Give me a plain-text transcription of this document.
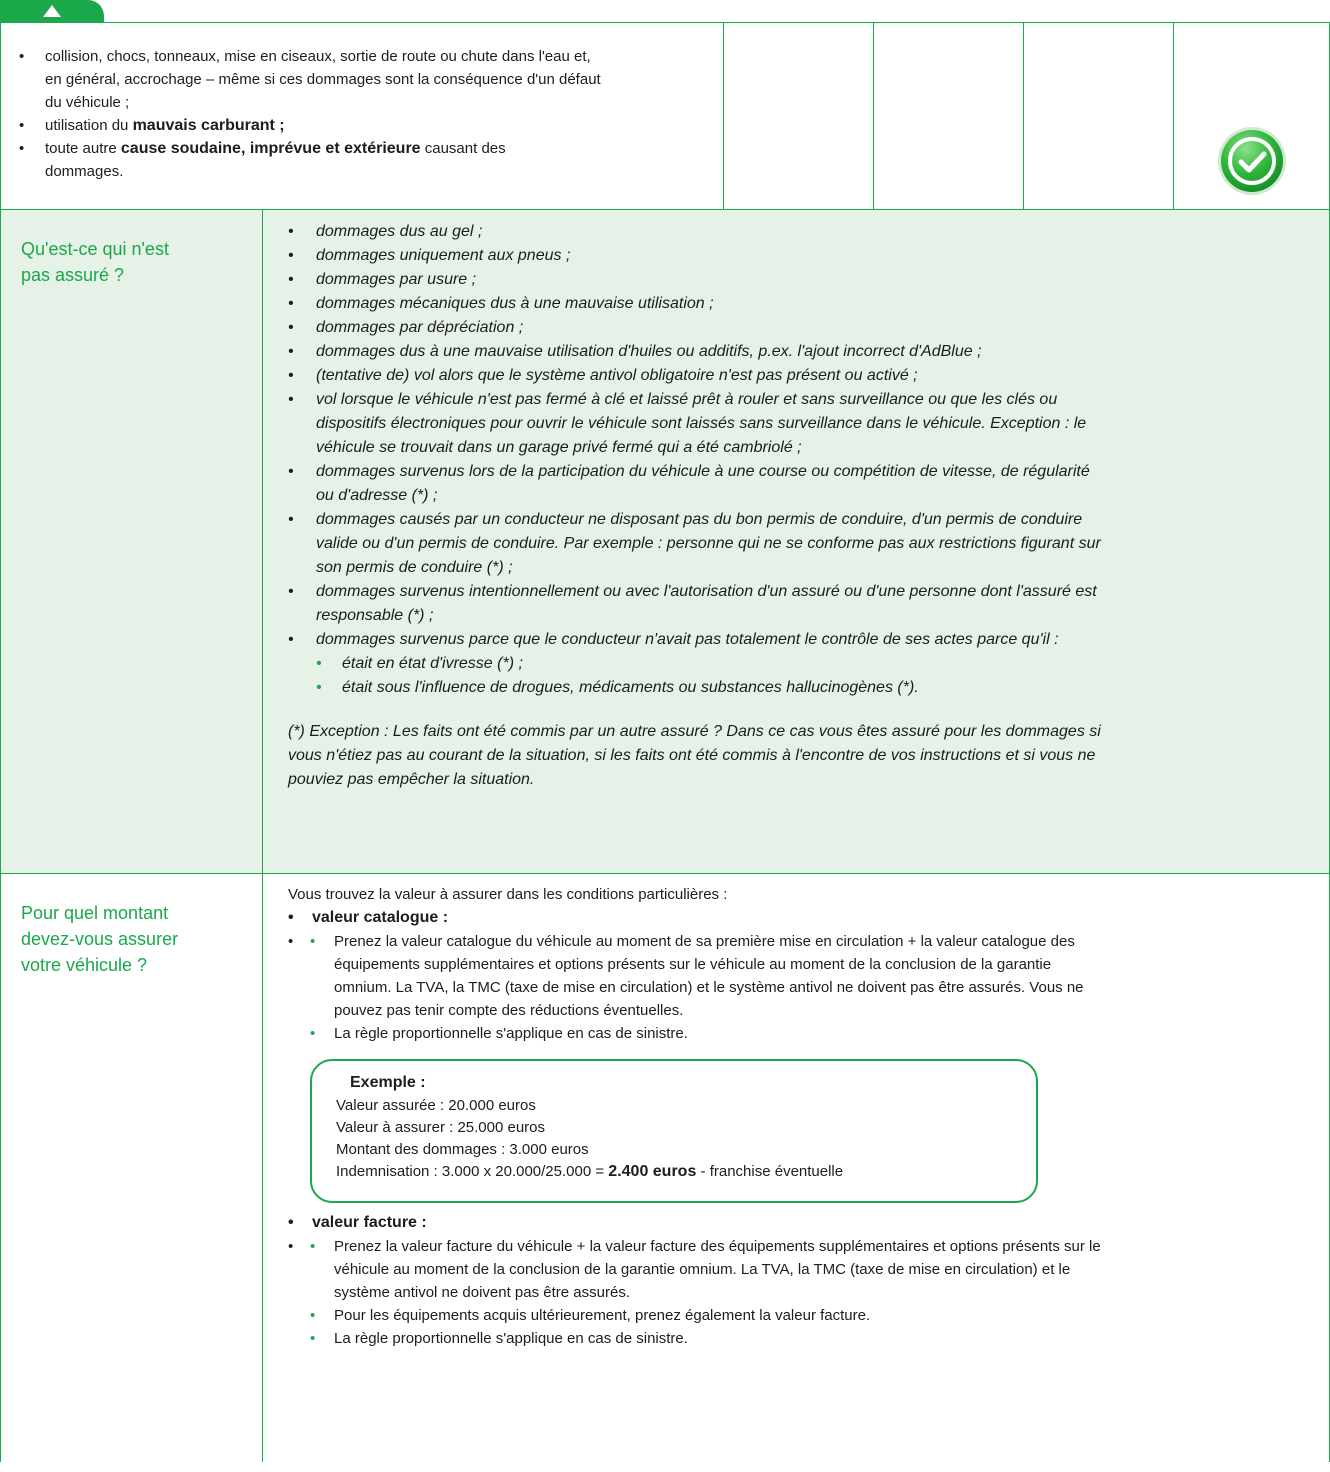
• collision, chocs, tonneaux, mise en ciseaux, sortie de route ou chute dans l'eau et,
en général, accrochage – même si ces dommages sont la conséquence d'un défaut
du véhicule ;
• utilisation du mauvais carburant ;
• toute autre cause soudaine, imprévue et extérieure causant des
dommages.
Qu'est-ce qui n'est
pas assuré ?
• dommages dus au gel ;
• dommages uniquement aux pneus ;
• dommages par usure ;
• dommages mécaniques dus à une mauvaise utilisation ;
• dommages par dépréciation ;
• dommages dus à une mauvaise utilisation d'huiles ou additifs, p.ex. l'ajout incorrect d'AdBlue ;
• (tentative de) vol alors que le système antivol obligatoire n'est pas présent ou activé ;
• vol lorsque le véhicule n'est pas fermé à clé et laissé prêt à rouler et sans surveillance ou que les clés ou
dispositifs électroniques pour ouvrir le véhicule sont laissés sans surveillance dans le véhicule. Exception : le
véhicule se trouvait dans un garage privé fermé qui a été cambriolé ;
• dommages survenus lors de la participation du véhicule à une course ou compétition de vitesse, de régularité
ou d'adresse (*) ;
• dommages causés par un conducteur ne disposant pas du bon permis de conduire, d'un permis de conduire
valide ou d'un permis de conduire. Par exemple : personne qui ne se conforme pas aux restrictions figurant sur
son permis de conduire (*) ;
• dommages survenus intentionnellement ou avec l'autorisation d'un assuré ou d'une personne dont l'assuré est
responsable (*) ;
• dommages survenus parce que le conducteur n'avait pas totalement le contrôle de ses actes parce qu'il :
• était en état d'ivresse (*) ;
• était sous l'influence de drogues, médicaments ou substances hallucinogènes (*).
(*) Exception : Les faits ont été commis par un autre assuré ? Dans ce cas vous êtes assuré pour les dommages si
vous n'étiez pas au courant de la situation, si les faits ont été commis à l'encontre de vos instructions et si vous ne
pouviez pas empêcher la situation.
Pour quel montant
devez-vous assurer
votre véhicule ?
Vous trouvez la valeur à assurer dans les conditions particulières :
• valeur catalogue :
• • Prenez la valeur catalogue du véhicule au moment de sa première mise en circulation + la valeur catalogue des
équipements supplémentaires et options présents sur le véhicule au moment de la conclusion de la garantie
omnium. La TVA, la TMC (taxe de mise en circulation) et le système antivol ne doivent pas être assurés. Vous ne
pouvez pas tenir compte des réductions éventuelles.
• La règle proportionnelle s'applique en cas de sinistre.
Exemple :
Valeur assurée : 20.000 euros
Valeur à assurer : 25.000 euros
Montant des dommages : 3.000 euros
Indemnisation : 3.000 x 20.000/25.000 = 2.400 euros - franchise éventuelle
• valeur facture :
• • Prenez la valeur facture du véhicule + la valeur facture des équipements supplémentaires et options présents sur le
véhicule au moment de la conclusion de la garantie omnium. La TVA, la TMC (taxe de mise en circulation) et le
système antivol ne doivent pas être assurés.
• Pour les équipements acquis ultérieurement, prenez également la valeur facture.
• La règle proportionnelle s'applique en cas de sinistre.
